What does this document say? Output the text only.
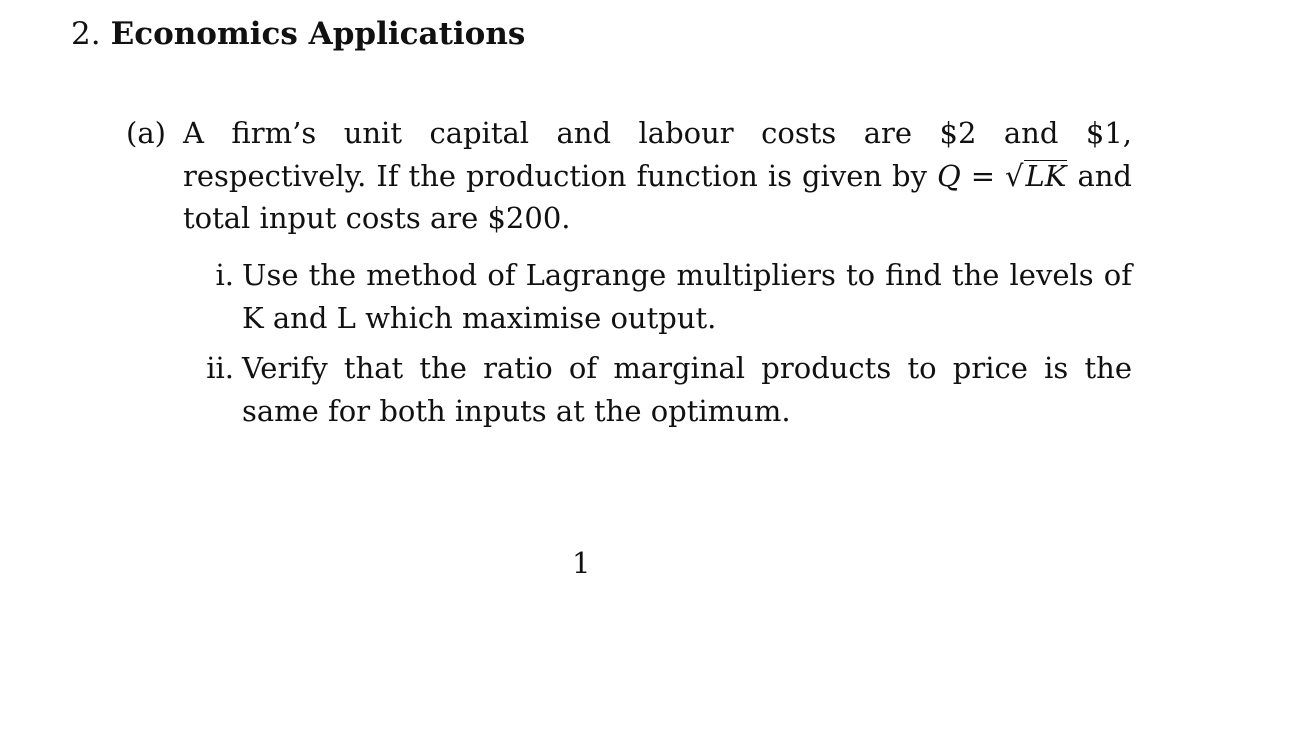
2. Economics Applications
(a) A firm’s unit capital and labour costs are $2 and $1, respectively. If the production function is given by Q = √LK and total input costs are $200.
i. Use the method of Lagrange multipliers to find the levels of K and L which maximise output.
ii. Verify that the ratio of marginal products to price is the same for both inputs at the optimum.
1
